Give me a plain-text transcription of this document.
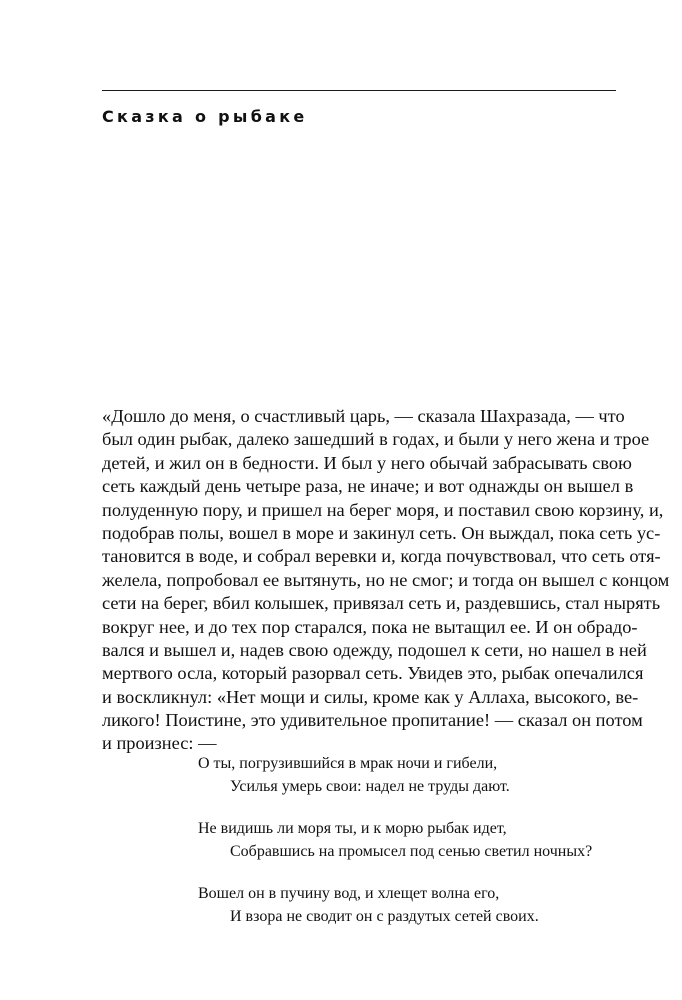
Сказка о рыбаке
«Дошло до меня, о счастливый царь, — сказала Шахразада, — что
был один рыбак, далеко зашедший в годах, и были у него жена и трое
детей, и жил он в бедности. И был у него обычай забрасывать свою
сеть каждый день четыре раза, не иначе; и вот однажды он вышел в
полуденную пору, и пришел на берег моря, и поставил свою корзину, и,
подобрав полы, вошел в море и закинул сеть. Он выждал, пока сеть ус-
тановится в воде, и собрал веревки и, когда почувствовал, что сеть отя-
желела, попробовал ее вытянуть, но не смог; и тогда он вышел с концом
сети на берег, вбил колышек, привязал сеть и, раздевшись, стал нырять
вокруг нее, и до тех пор старался, пока не вытащил ее. И он обрадо-
вался и вышел и, надев свою одежду, подошел к сети, но нашел в ней
мертвого осла, который разорвал сеть. Увидев это, рыбак опечалился
и воскликнул: «Нет мощи и силы, кроме как у Аллаха, высокого, ве-
ликого! Поистине, это удивительное пропитание! — сказал он потом
и произнес: —
О ты, погрузившийся в мрак ночи и гибели,
Усилья умерь свои: надел не труды дают.
Не видишь ли моря ты, и к морю рыбак идет,
Собравшись на промысел под сенью светил ночных?
Вошел он в пучину вод, и хлещет волна его,
И взора не сводит он с раздутых сетей своих.
